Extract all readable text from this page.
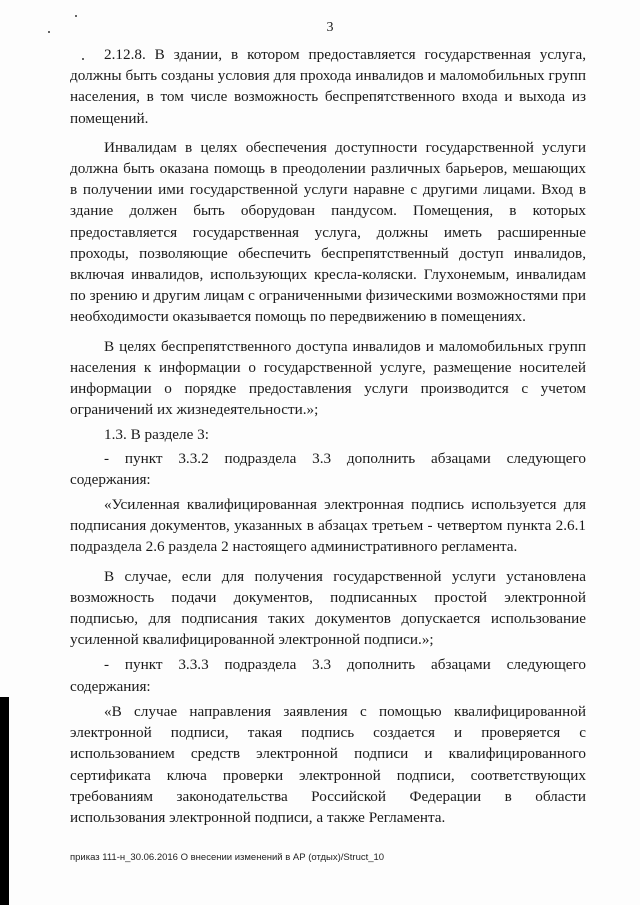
3

2.12.8. В здании, в котором предоставляется государственная услуга, должны быть созданы условия для прохода инвалидов и маломобильных групп населения, в том числе возможность беспрепятственного входа и выхода из помещений.

Инвалидам в целях обеспечения доступности государственной услуги должна быть оказана помощь в преодолении различных барьеров, мешающих в получении ими государственной услуги наравне с другими лицами. Вход в здание должен быть оборудован пандусом. Помещения, в которых предоставляется государственная услуга, должны иметь расширенные проходы, позволяющие обеспечить беспрепятственный доступ инвалидов, включая инвалидов, использующих кресла-коляски. Глухонемым, инвалидам по зрению и другим лицам с ограниченными физическими возможностями при необходимости оказывается помощь по передвижению в помещениях.

В целях беспрепятственного доступа инвалидов и маломобильных групп населения к информации о государственной услуге, размещение носителей информации о порядке предоставления услуги производится с учетом ограничений их жизнедеятельности.»;

1.3. В разделе 3:

- пункт 3.3.2 подраздела 3.3 дополнить абзацами следующего содержания:

«Усиленная квалифицированная электронная подпись используется для подписания документов, указанных в абзацах третьем - четвертом пункта 2.6.1 подраздела 2.6 раздела 2 настоящего административного регламента.

В случае, если для получения государственной услуги установлена возможность подачи документов, подписанных простой электронной подписью, для подписания таких документов допускается использование усиленной квалифицированной электронной подписи.»;

- пункт 3.3.3 подраздела 3.3 дополнить абзацами следующего содержания:

«В случае направления заявления с помощью квалифицированной электронной подписи, такая подпись создается и проверяется с использованием средств электронной подписи и квалифицированного сертификата ключа проверки электронной подписи, соответствующих требованиям законодательства Российской Федерации в области использования электронной подписи, а также Регламента.

приказ 111-н_30.06.2016 О внесении изменений в АР (отдых)/Struct_10
